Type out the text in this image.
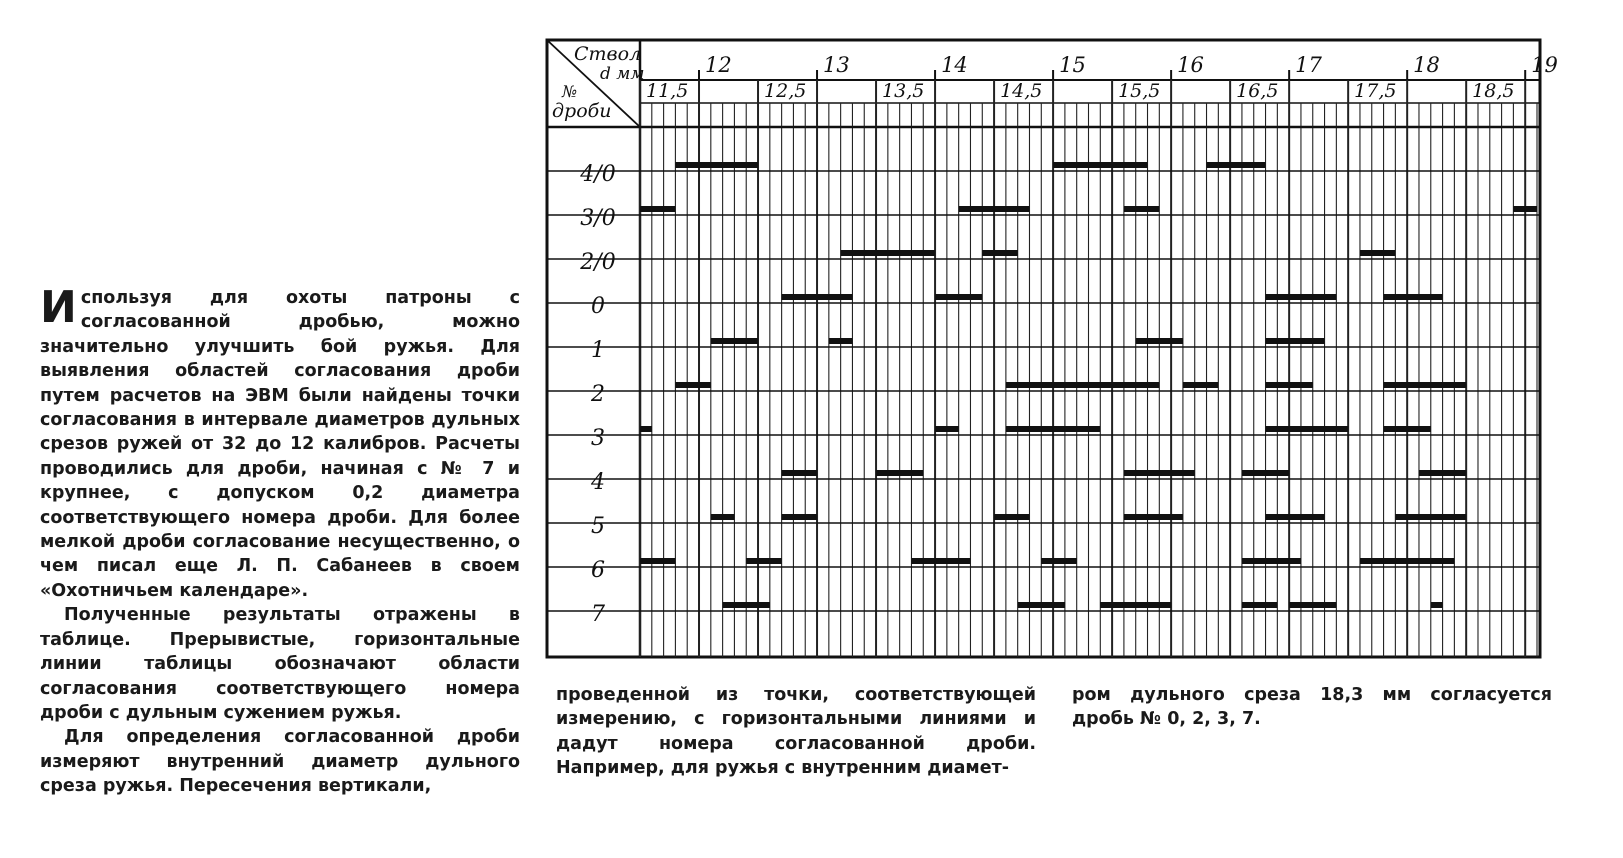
Ствол
d мм
№
дроби
12	13	14	15	16	17	18	19
11,5	12,5	13,5	14,5	15,5	16,5	17,5	18,5
4/0
3/0
2/0
0
1
2
3
4
5
6
7

Используя для охоты патроны с согласованной дробью, можно значительно улучшить бой ружья. Для выявления областей согласования дроби путем расчетов на ЭВМ были найдены точки согласования в интервале диаметров дульных срезов ружей от 32 до 12 калибров. Расчеты проводились для дроби, начиная с № 7 и крупнее, с допуском 0,2 диаметра соответствующего номера дроби. Для более мелкой дроби согласование несущественно, о чем писал еще Л. П. Сабанеев в своем «Охотничьем календаре».

Полученные результаты отражены в таблице. Прерывистые, горизонтальные линии таблицы обозначают области согласования соответствующего номера дроби с дульным сужением ружья.

Для определения согласованной дроби измеряют внутренний диаметр дульного среза ружья. Пересечения вертикали,

проведенной из точки, соответствующей измерению, с горизонтальными линиями и дадут номера согласованной дроби. Например, для ружья с внутренним диамет-

ром дульного среза 18,3 мм согласуется дробь № 0, 2, 3, 7.
